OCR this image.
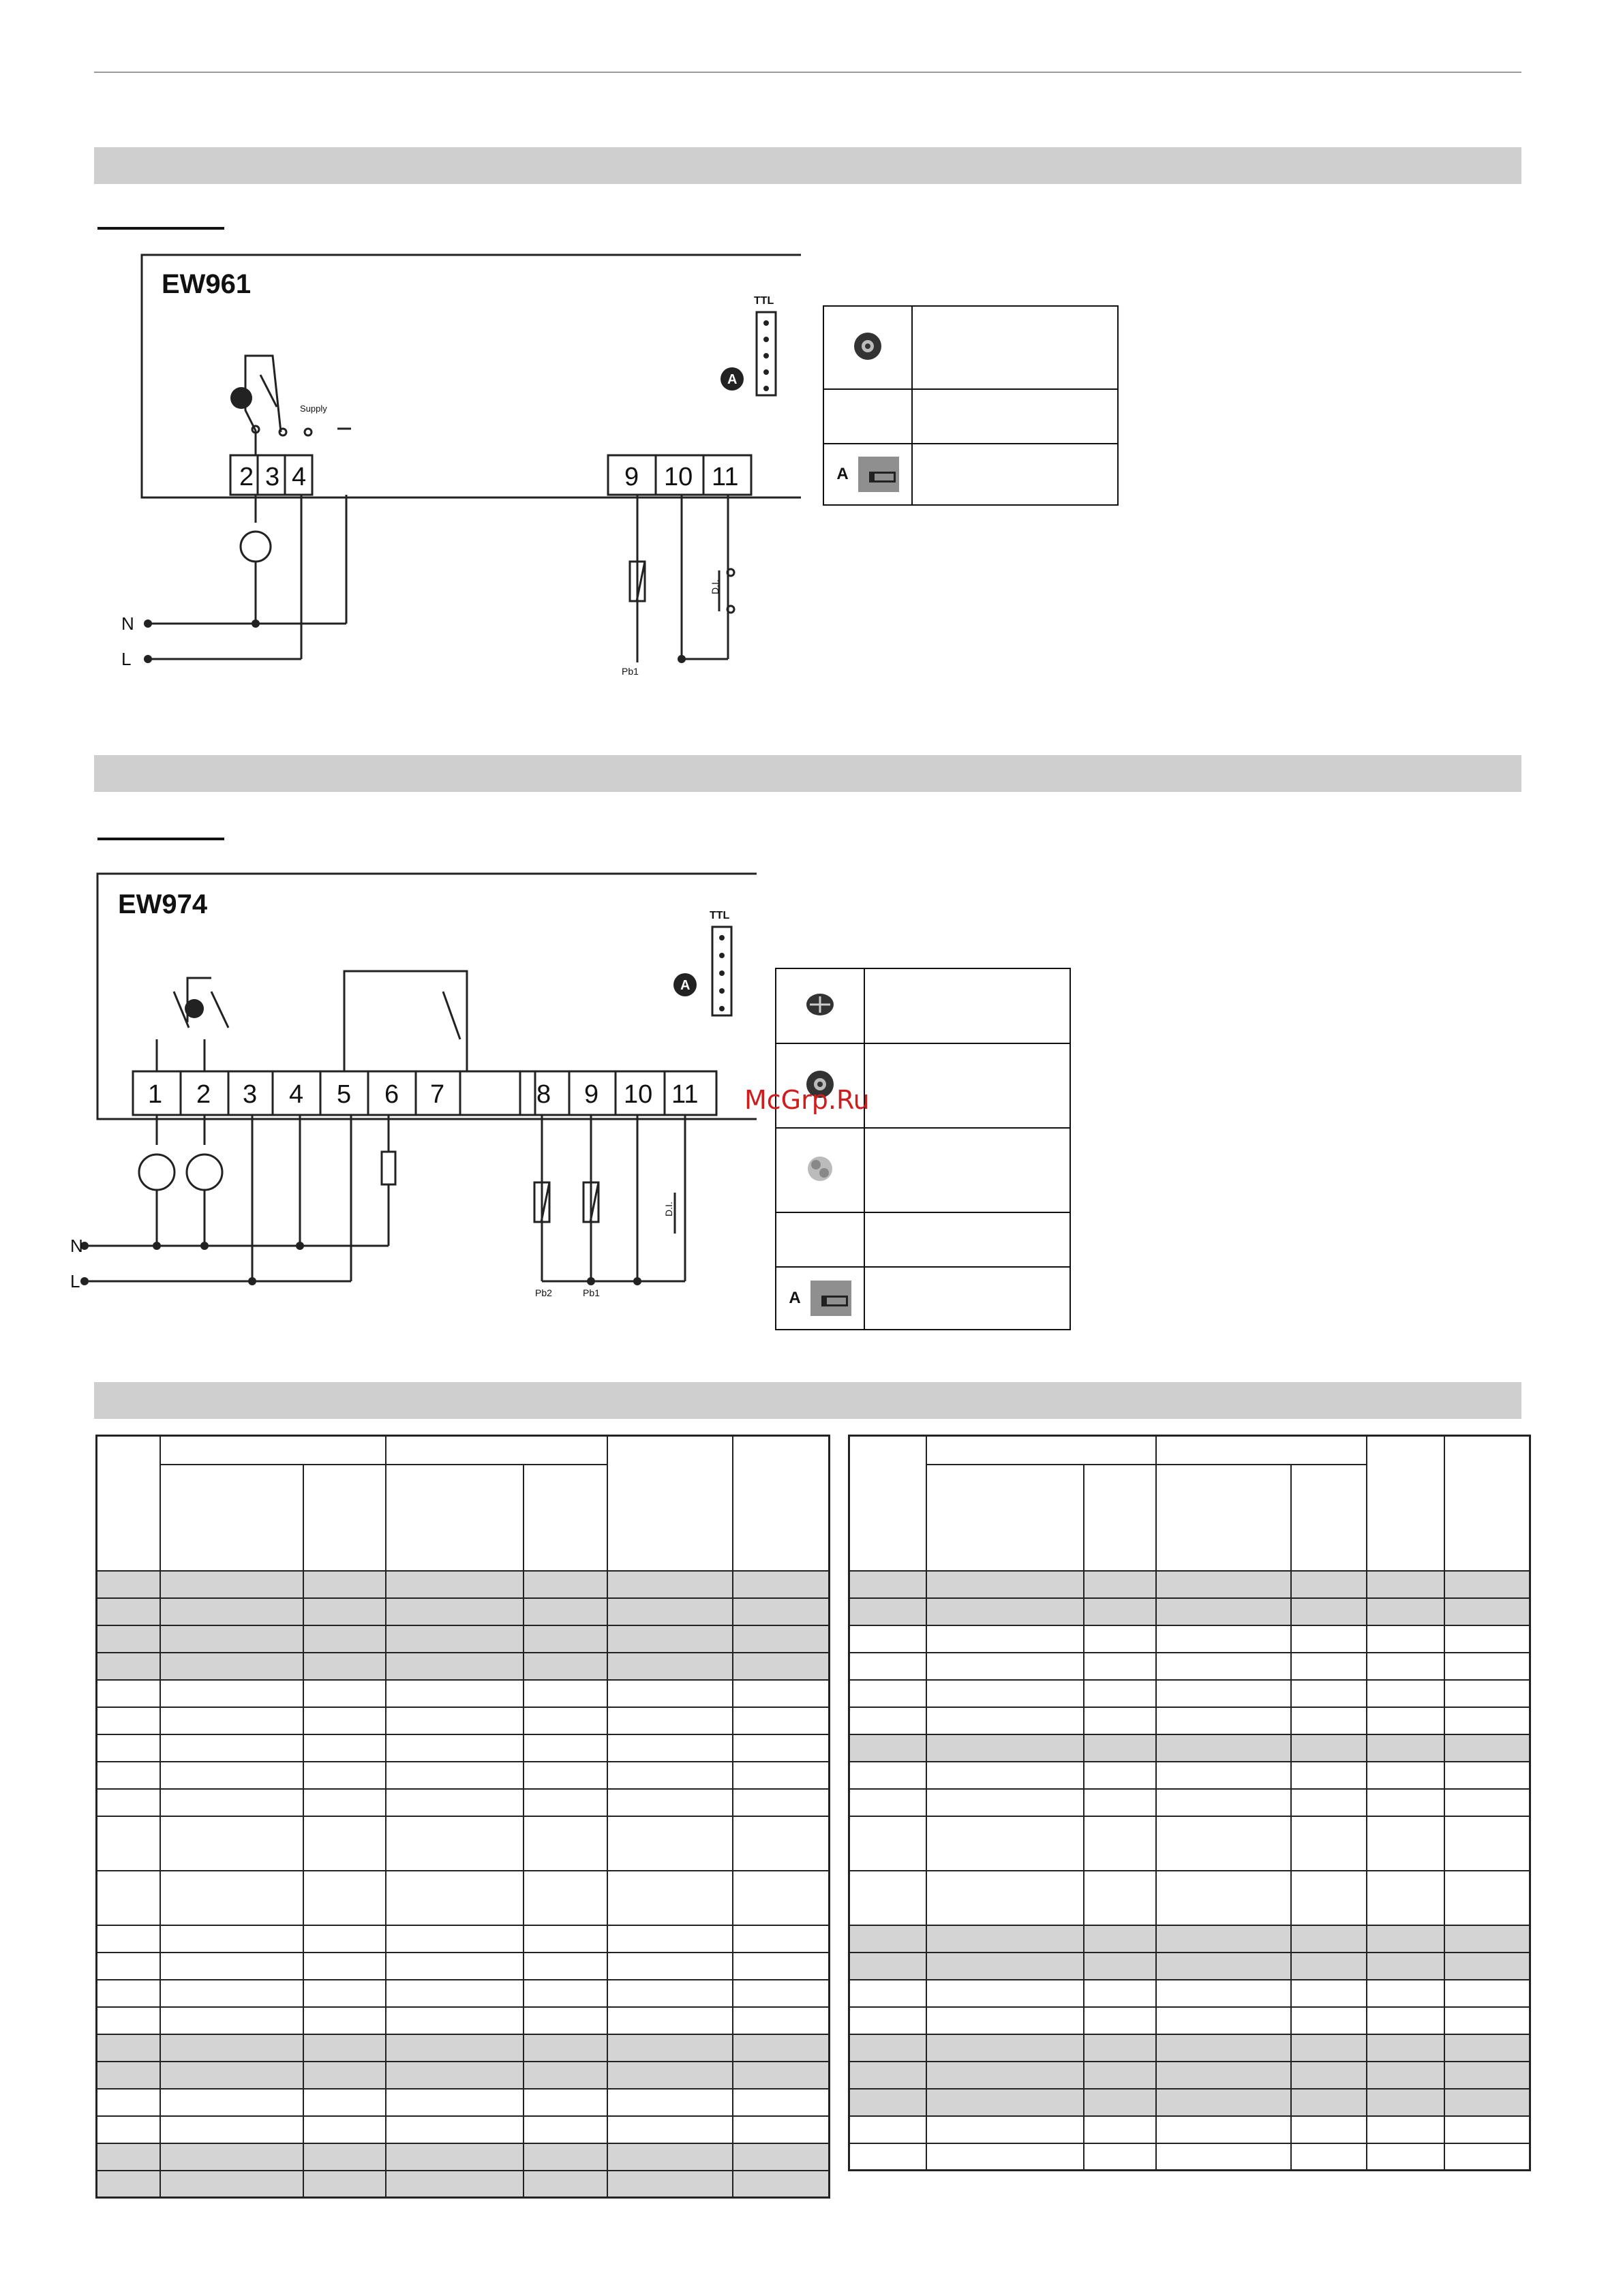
EW961
TTL
A
Supply
2 3 4	9 10 11
N
L
Pb1
D.I.

A	
EW974	TTL
A
1 2 3 4 5 6 7	8 9 10 11
N
L
Pb2	Pb1
D.I.

A	
McGrp.Ru
